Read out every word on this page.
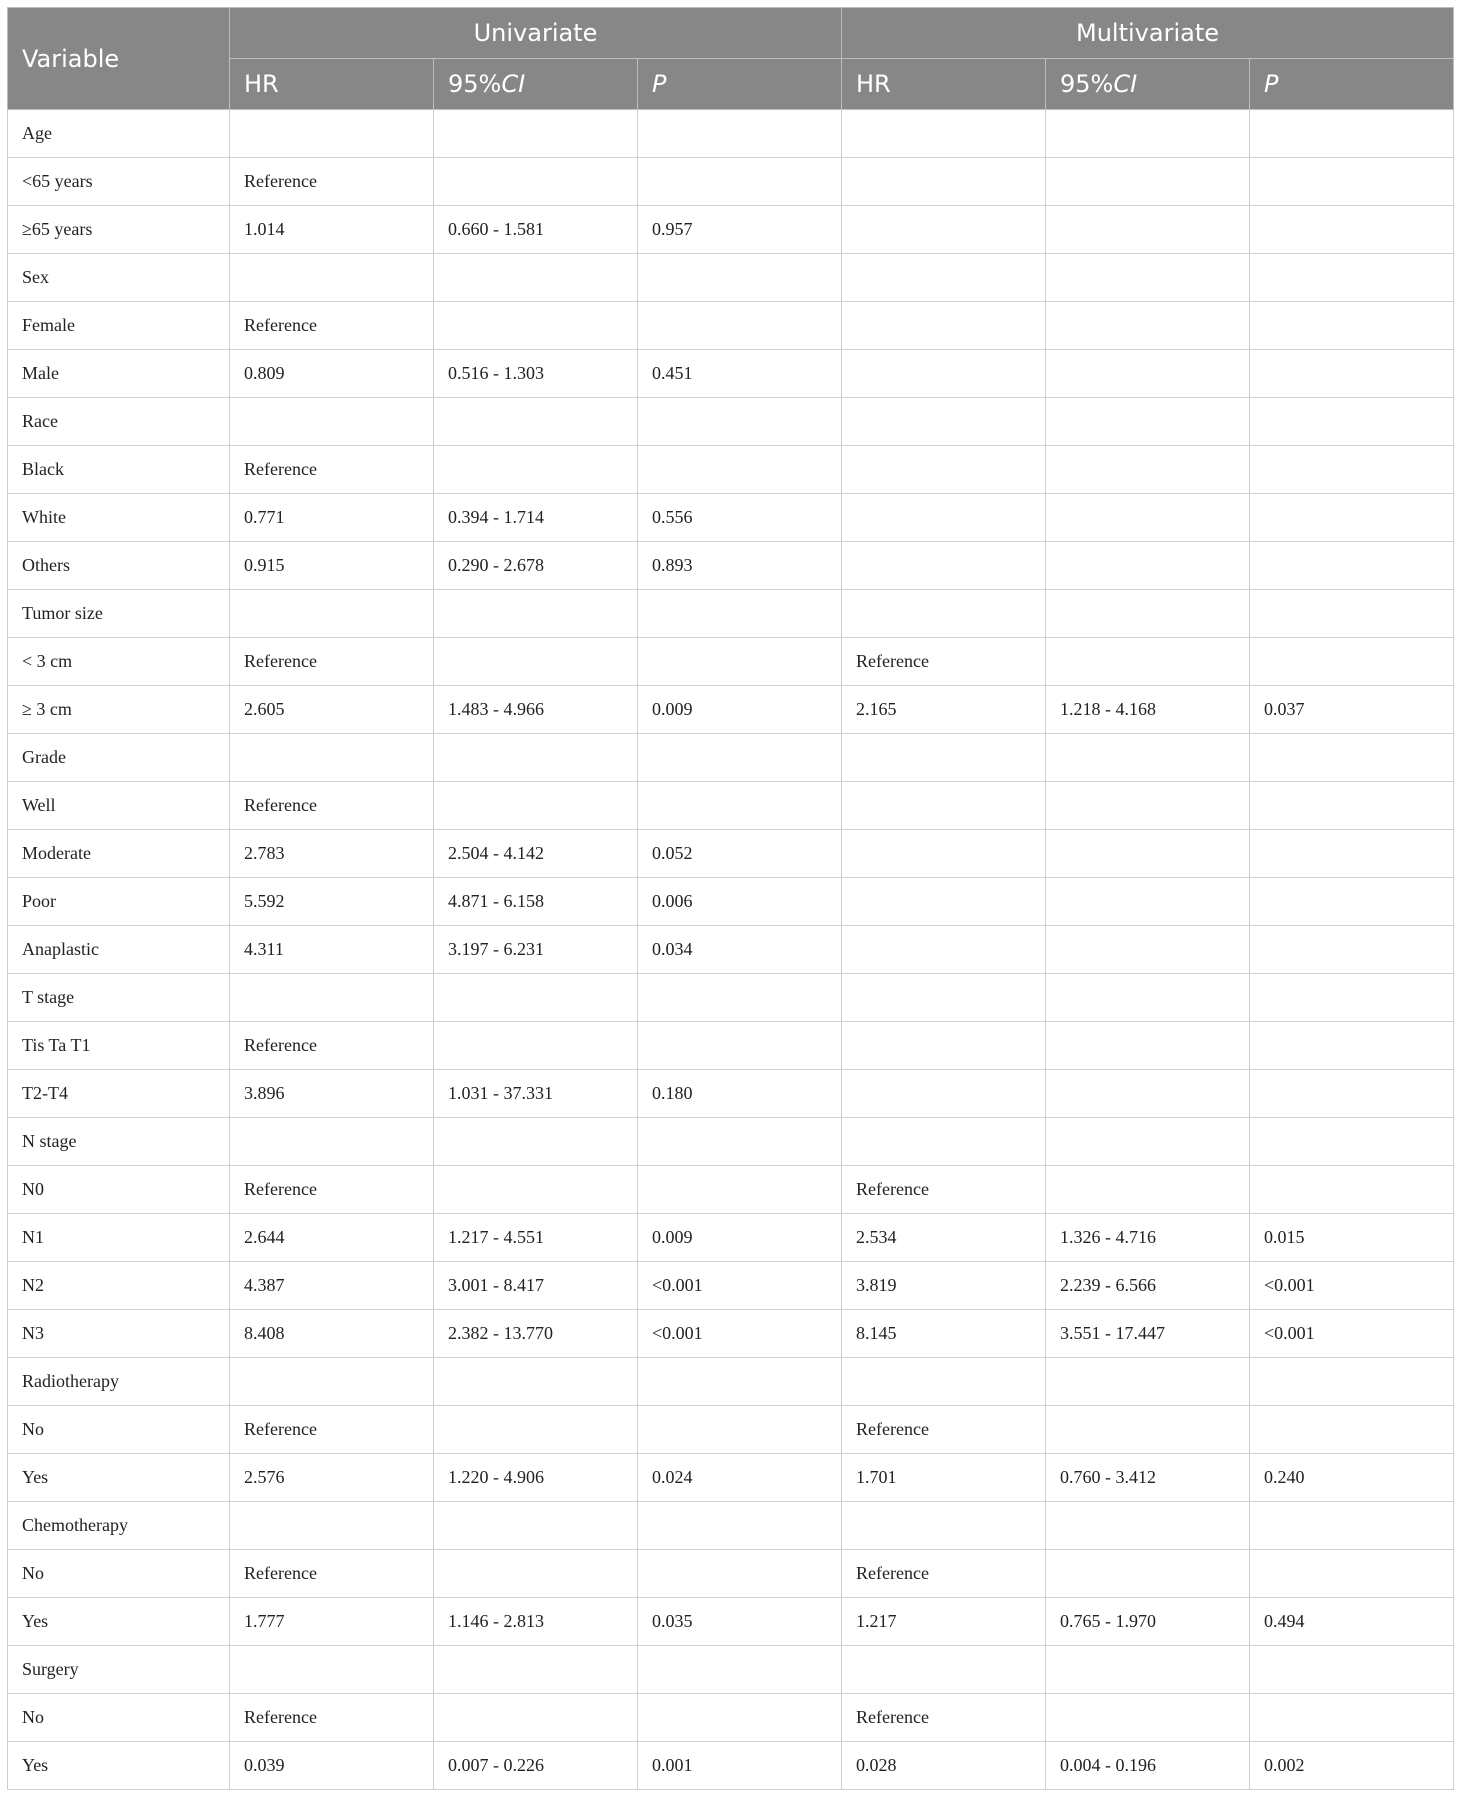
Variable	Univariate			Multivariate		
	HR	95%CI	P	HR	95%CI	P
Age						
<65 years	Reference					
≥65 years	1.014	0.660 - 1.581	0.957			
Sex						
Female	Reference					
Male	0.809	0.516 - 1.303	0.451			
Race						
Black	Reference					
White	0.771	0.394 - 1.714	0.556			
Others	0.915	0.290 - 2.678	0.893			
Tumor size						
< 3 cm	Reference			Reference		
≥ 3 cm	2.605	1.483 - 4.966	0.009	2.165	1.218 - 4.168	0.037
Grade						
Well	Reference					
Moderate	2.783	2.504 - 4.142	0.052			
Poor	5.592	4.871 - 6.158	0.006			
Anaplastic	4.311	3.197 - 6.231	0.034			
T stage						
Tis Ta T1	Reference					
T2-T4	3.896	1.031 - 37.331	0.180			
N stage						
N0	Reference			Reference		
N1	2.644	1.217 - 4.551	0.009	2.534	1.326 - 4.716	0.015
N2	4.387	3.001 - 8.417	<0.001	3.819	2.239 - 6.566	<0.001
N3	8.408	2.382 - 13.770	<0.001	8.145	3.551 - 17.447	<0.001
Radiotherapy						
No	Reference			Reference		
Yes	2.576	1.220 - 4.906	0.024	1.701	0.760 - 3.412	0.240
Chemotherapy						
No	Reference			Reference		
Yes	1.777	1.146 - 2.813	0.035	1.217	0.765 - 1.970	0.494
Surgery						
No	Reference			Reference		
Yes	0.039	0.007 - 0.226	0.001	0.028	0.004 - 0.196	0.002
